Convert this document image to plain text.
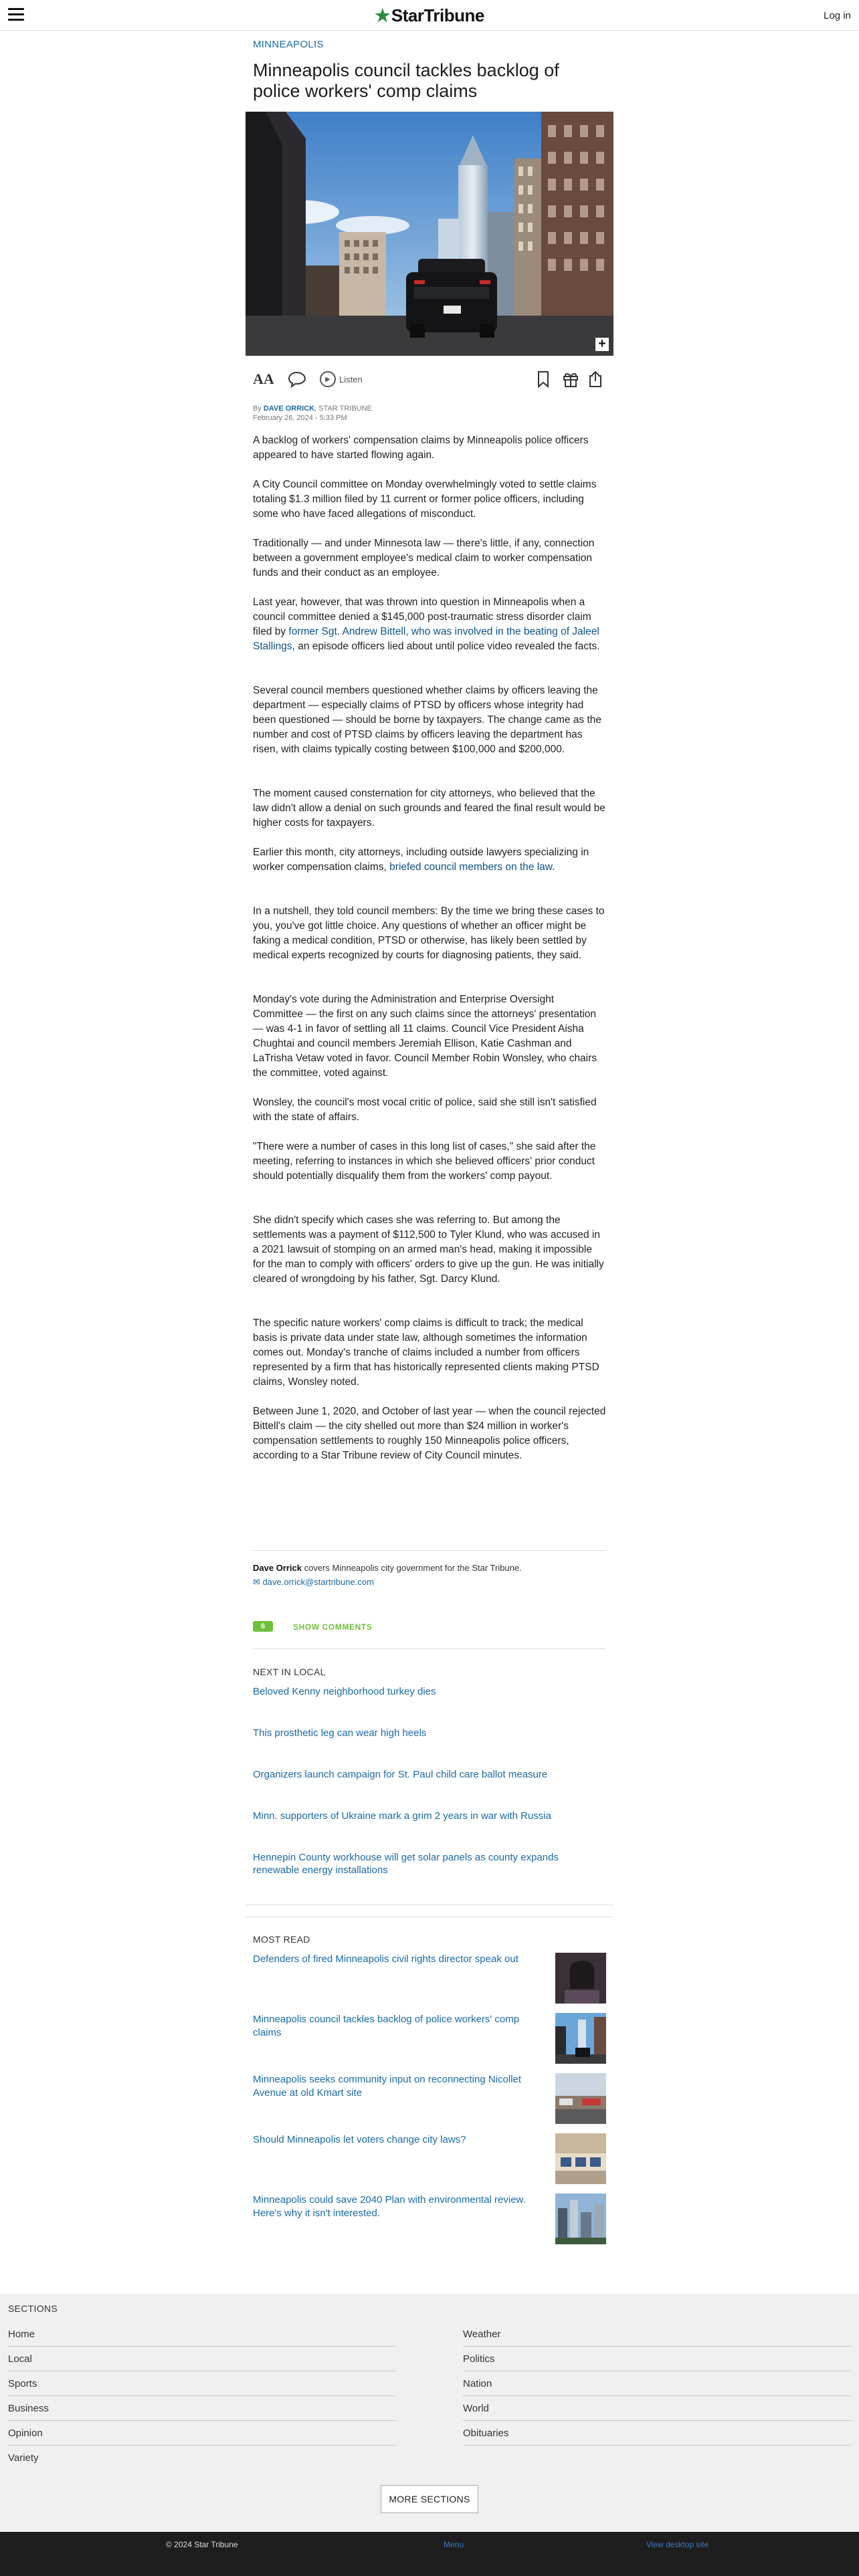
★StarTribune	Log in
MINNEAPOLIS
Minneapolis council tackles backlog of police workers' comp claims
+
AA	▶	Listen
By DAVE ORRICK, STAR TRIBUNE
February 26, 2024 - 5:33 PM

A backlog of workers' compensation claims by Minneapolis police officers appeared to have started flowing again.

A City Council committee on Monday overwhelmingly voted to settle claims totaling $1.3 million filed by 11 current or former police officers, including some who have faced allegations of misconduct.

Traditionally — and under Minnesota law — there's little, if any, connection between a government employee's medical claim to worker compensation funds and their conduct as an employee.

Last year, however, that was thrown into question in Minneapolis when a council committee denied a $145,000 post-traumatic stress disorder claim filed by former Sgt. Andrew Bittell, who was involved in the beating of Jaleel Stallings, an episode officers lied about until police video revealed the facts.

Several council members questioned whether claims by officers leaving the department — especially claims of PTSD by officers whose integrity had been questioned — should be borne by taxpayers. The change came as the number and cost of PTSD claims by officers leaving the department has risen, with claims typically costing between $100,000 and $200,000.

The moment caused consternation for city attorneys, who believed that the law didn't allow a denial on such grounds and feared the final result would be higher costs for taxpayers.

Earlier this month, city attorneys, including outside lawyers specializing in worker compensation claims, briefed council members on the law.

In a nutshell, they told council members: By the time we bring these cases to you, you've got little choice. Any questions of whether an officer might be faking a medical condition, PTSD or otherwise, has likely been settled by medical experts recognized by courts for diagnosing patients, they said.

Monday's vote during the Administration and Enterprise Oversight Committee — the first on any such claims since the attorneys' presentation — was 4-1 in favor of settling all 11 claims. Council Vice President Aisha Chughtai and council members Jeremiah Ellison, Katie Cashman and LaTrisha Vetaw voted in favor. Council Member Robin Wonsley, who chairs the committee, voted against.

Wonsley, the council's most vocal critic of police, said she still isn't satisfied with the state of affairs.

"There were a number of cases in this long list of cases," she said after the meeting, referring to instances in which she believed officers' prior conduct should potentially disqualify them from the workers' comp payout.

She didn't specify which cases she was referring to. But among the settlements was a payment of $112,500 to Tyler Klund, who was accused in a 2021 lawsuit of stomping on an armed man's head, making it impossible for the man to comply with officers' orders to give up the gun. He was initially cleared of wrongdoing by his father, Sgt. Darcy Klund.

The specific nature workers' comp claims is difficult to track; the medical basis is private data under state law, although sometimes the information comes out. Monday's tranche of claims included a number from officers represented by a firm that has historically represented clients making PTSD claims, Wonsley noted.

Between June 1, 2020, and October of last year — when the council rejected Bittell's claim — the city shelled out more than $24 million in worker's compensation settlements to roughly 150 Minneapolis police officers, according to a Star Tribune review of City Council minutes.

Dave Orrick covers Minneapolis city government for the Star Tribune.
✉ dave.orrick@startribune.com
6	SHOW COMMENTS
NEXT IN LOCAL
Beloved Kenny neighborhood turkey dies
This prosthetic leg can wear high heels
Organizers launch campaign for St. Paul child care ballot measure
Minn. supporters of Ukraine mark a grim 2 years in war with Russia
Hennepin County workhouse will get solar panels as county expands renewable energy installations
MOST READ
Defenders of fired Minneapolis civil rights director speak out
Minneapolis council tackles backlog of police workers' comp claims
Minneapolis seeks community input on reconnecting Nicollet Avenue at old Kmart site
Should Minneapolis let voters change city laws?
Minneapolis could save 2040 Plan with environmental review. Here's why it isn't interested.
SECTIONS
Home
Local
Sports
Business
Opinion
Variety
Weather
Politics
Nation
World
Obituaries
MORE SECTIONS
© 2024 Star Tribune	Menu	View desktop site
